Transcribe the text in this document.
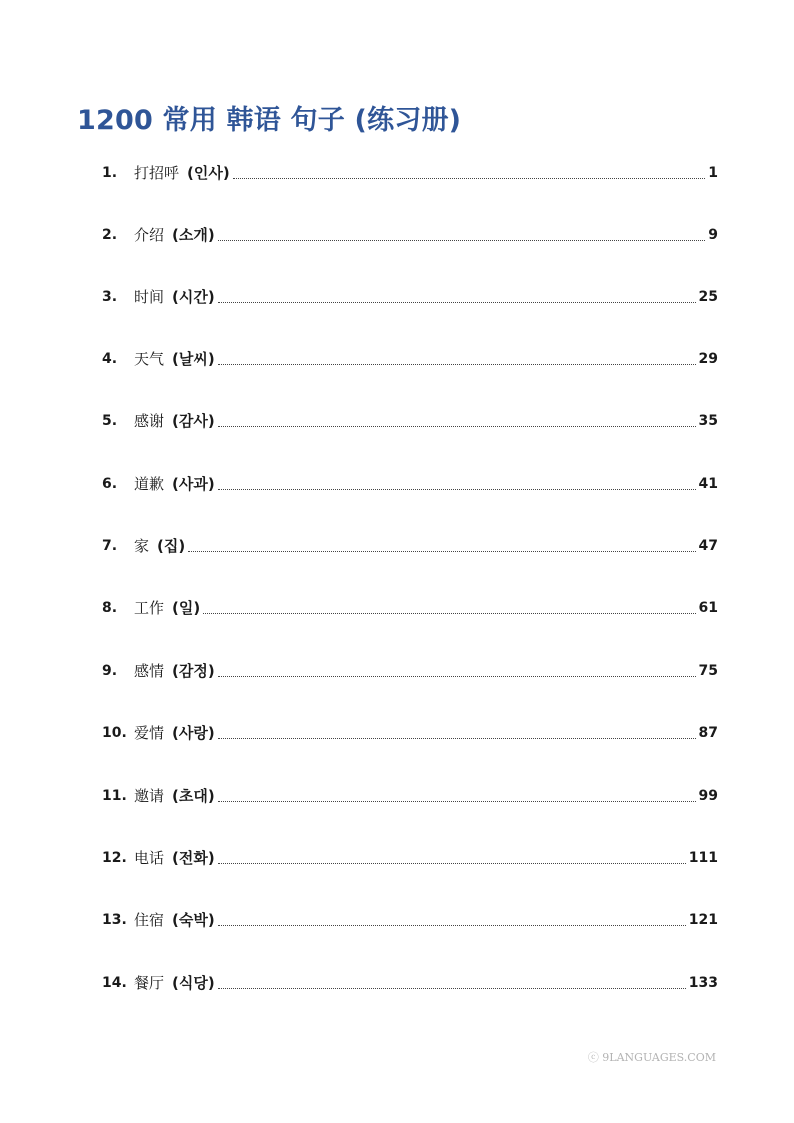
1200 常用 韩语 句子 (练习册)
1.	打招呼 (인사)	1
2.	介绍 (소개)	9
3.	时间 (시간)	25
4.	天气 (날씨)	29
5.	感谢 (감사)	35
6.	道歉 (사과)	41
7.	家 (집)	47
8.	工作 (일)	61
9.	感情 (감정)	75
10. 爱情 (사랑)	87
11. 邀请 (초대)	99
12. 电话 (전화)	111
13. 住宿 (숙박)	121
14. 餐厅 (식당)	133
ⓒ 9LANGUAGES.COM
